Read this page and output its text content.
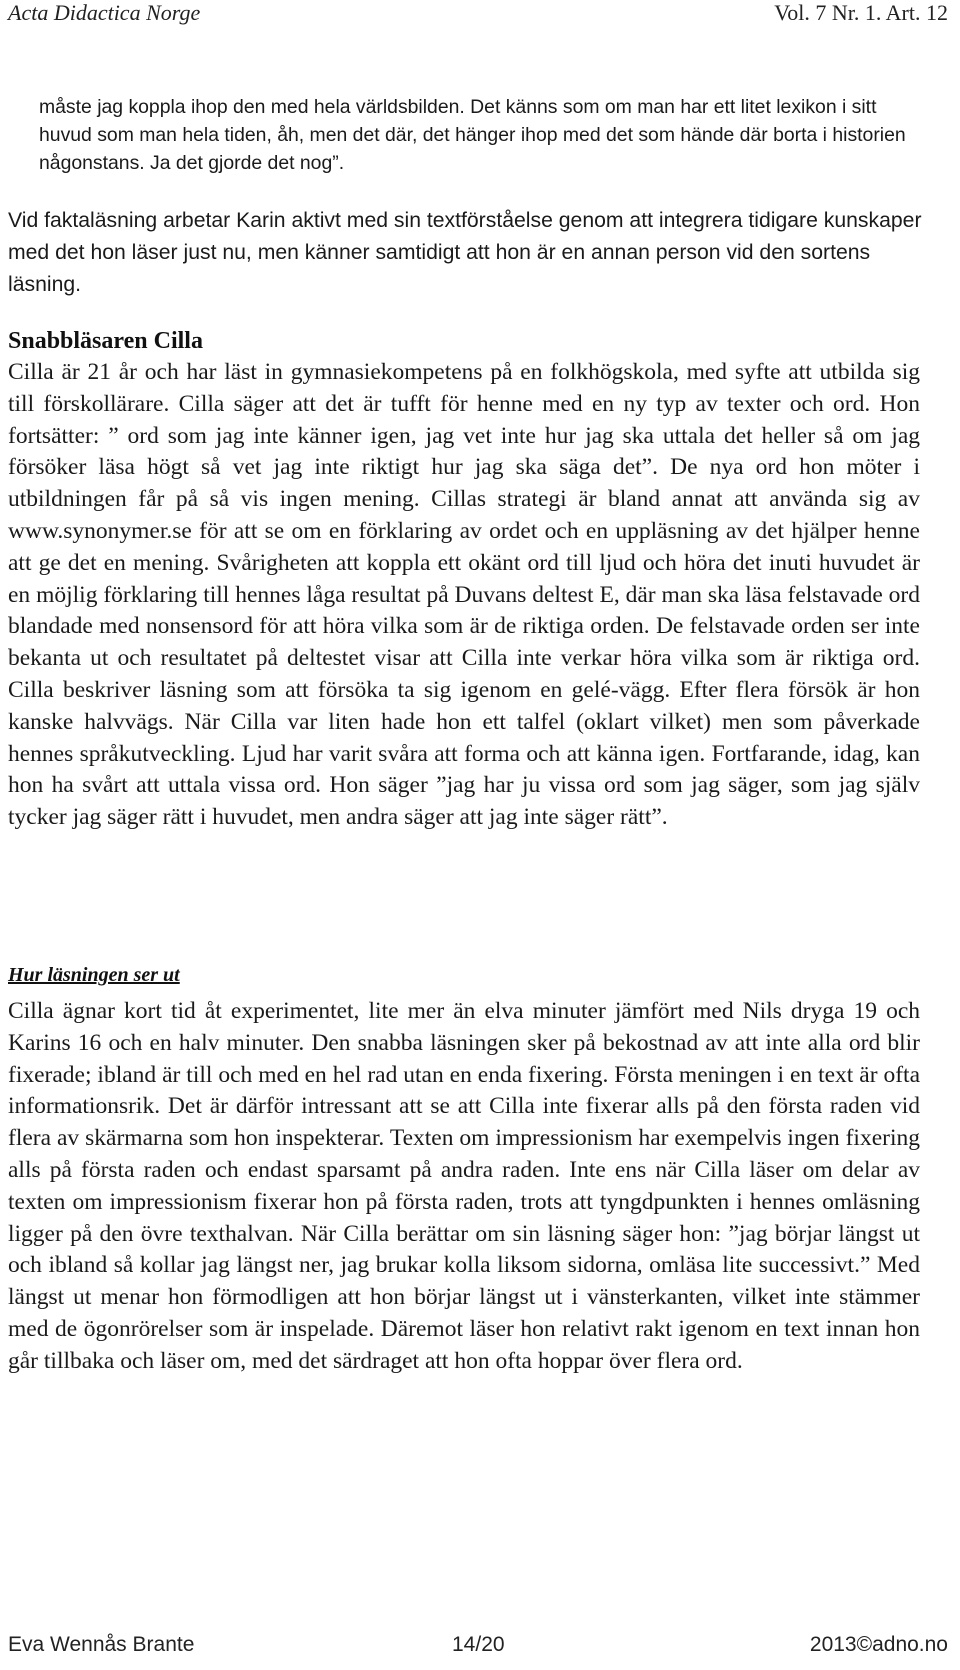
Acta Didactica Norge	Vol. 7 Nr. 1. Art. 12

måste jag koppla ihop den med hela världsbilden. Det känns som om man har ett litet lexikon i sitt huvud som man hela tiden, åh, men det där, det hänger ihop med det som hände där borta i historien någonstans. Ja det gjorde det nog”.

Vid faktaläsning arbetar Karin aktivt med sin textförståelse genom att integrera tidigare kunskaper med det hon läser just nu, men känner samtidigt att hon är en annan person vid den sortens läsning.

Snabbläsaren Cilla

Cilla är 21 år och har läst in gymnasiekompetens på en folkhögskola, med syfte att utbilda sig till förskollärare. Cilla säger att det är tufft för henne med en ny typ av texter och ord. Hon fortsätter: ” ord som jag inte känner igen, jag vet inte hur jag ska uttala det heller så om jag försöker läsa högt så vet jag inte riktigt hur jag ska säga det”. De nya ord hon möter i utbildningen får på så vis ingen mening. Cillas strategi är bland annat att använda sig av www.synonymer.se för att se om en förklaring av ordet och en uppläsning av det hjälper henne att ge det en mening. Svårigheten att koppla ett okänt ord till ljud och höra det inuti huvudet är en möjlig förklaring till hennes låga resultat på Duvans deltest E, där man ska läsa felstavade ord blandade med nonsensord för att höra vilka som är de riktiga orden. De felstavade orden ser inte bekanta ut och resultatet på deltestet visar att Cilla inte verkar höra vilka som är riktiga ord. Cilla beskriver läsning som att försöka ta sig igenom en gelé-vägg. Efter flera försök är hon kanske halvvägs. När Cilla var liten hade hon ett talfel (oklart vilket) men som påverkade hennes språkutveckling. Ljud har varit svåra att forma och att känna igen. Fortfarande, idag, kan hon ha svårt att uttala vissa ord. Hon säger ”jag har ju vissa ord som jag säger, som jag själv tycker jag säger rätt i huvudet, men andra säger att jag inte säger rätt”.

Hur läsningen ser ut

Cilla ägnar kort tid åt experimentet, lite mer än elva minuter jämfört med Nils dryga 19 och Karins 16 och en halv minuter. Den snabba läsningen sker på bekostnad av att inte alla ord blir fixerade; ibland är till och med en hel rad utan en enda fixering. Första meningen i en text är ofta informationsrik. Det är därför intressant att se att Cilla inte fixerar alls på den första raden vid flera av skärmarna som hon inspekterar. Texten om impressionism har exempelvis ingen fixering alls på första raden och endast sparsamt på andra raden. Inte ens när Cilla läser om delar av texten om impressionism fixerar hon på första raden, trots att tyngdpunkten i hennes omläsning ligger på den övre texthalvan. När Cilla berättar om sin läsning säger hon: ”jag börjar längst ut och ibland så kollar jag längst ner, jag brukar kolla liksom sidorna, omläsa lite successivt.” Med längst ut menar hon förmodligen att hon börjar längst ut i vänsterkanten, vilket inte stämmer med de ögonrörelser som är inspelade. Däremot läser hon relativt rakt igenom en text innan hon går tillbaka och läser om, med det särdraget att hon ofta hoppar över flera ord.

Eva Wennås Brante	14/20	2013©adno.no
